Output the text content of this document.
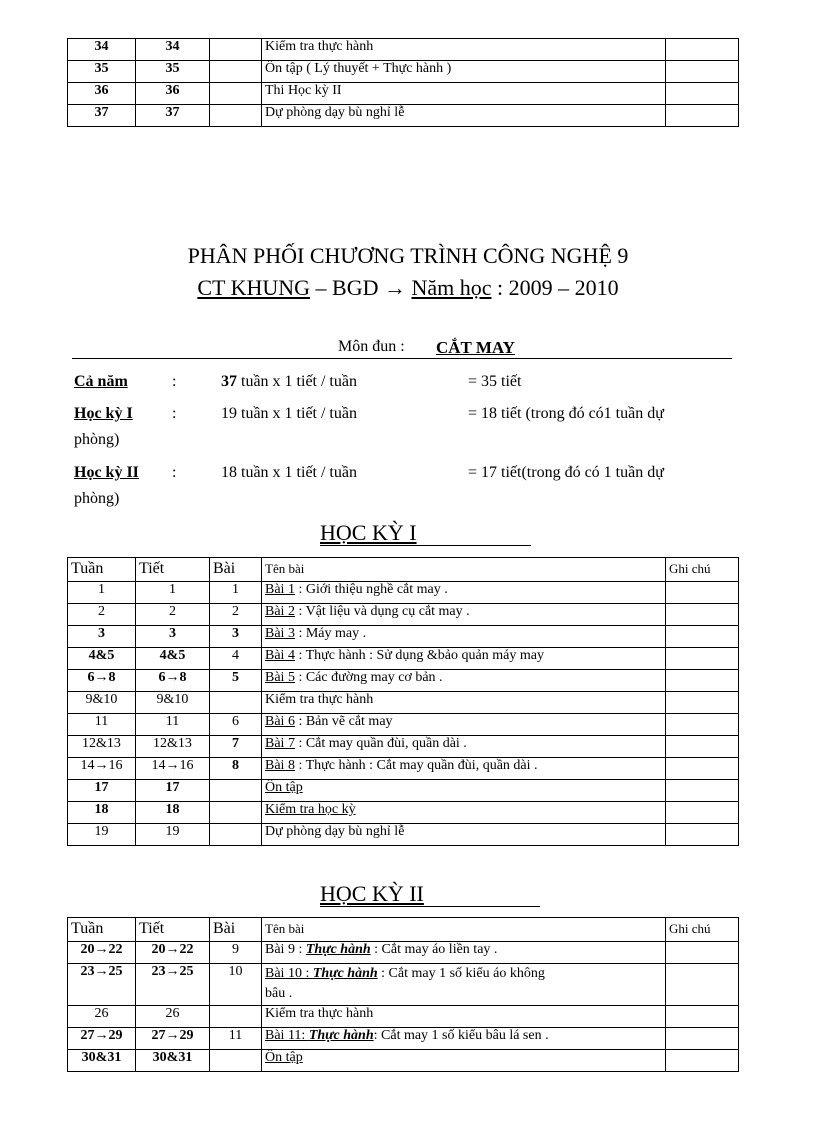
34	34		Kiểm tra thực hành	
35	35		Ôn tập ( Lý thuyết + Thực hành )	
36	36		Thi Học kỳ II	
37	37		Dự phòng dạy bù nghỉ lễ	
PHÂN PHỐI CHƯƠNG TRÌNH CÔNG NGHỆ 9
CT KHUNG – BGD → Năm học : 2009 – 2010
Môn đun : CẮT MAY
Cả năm	:	37 tuần x 1 tiết / tuần	= 35 tiết
Học kỳ I :	19 tuần x 1 tiết / tuần	= 18 tiết (trong đó có1 tuần dự
phòng)
Học kỳ II :	18 tuần x 1 tiết / tuần	= 17 tiết(trong đó có 1 tuần dự
phòng)
HỌC KỲ I
Tuần	Tiết	Bài	Tên bài	Ghi chú
1	1	1	Bài 1 : Giới thiệu nghề cắt may .	
2	2	2	Bài 2 : Vật liệu và dụng cụ cắt may .	
3	3	3	Bài 3 : Máy may .	
4&5	4&5	4	Bài 4 : Thực hành : Sử dụng &bảo quản máy may	
6→8	6→8	5	Bài 5 : Các đường may cơ bản .	
9&10	9&10		Kiểm tra thực hành	
11	11	6	Bài 6 : Bản vẽ cắt may	
12&13	12&13	7	Bài 7 : Cắt may quần đùi, quần dài .	
14→16	14→16	8	Bài 8 : Thực hành : Cắt may quần đùi, quần dài .	
17	17		Ôn tập	
18	18		Kiểm tra học kỳ	
19	19		Dự phòng dạy bù nghỉ lễ	
HỌC KỲ II
Tuần	Tiết	Bài	Tên bài	Ghi chú
20→22	20→22	9	Bài 9 : Thực hành : Cắt may áo liền tay .	
23→25	23→25	10	Bài 10 : Thực hành : Cắt may 1 số kiểu áo không
bâu .	
26	26		Kiểm tra thực hành	
27→29	27→29	11	Bài 11: Thực hành: Cắt may 1 số kiểu bâu lá sen .	
30&31	30&31		Ôn tập	
